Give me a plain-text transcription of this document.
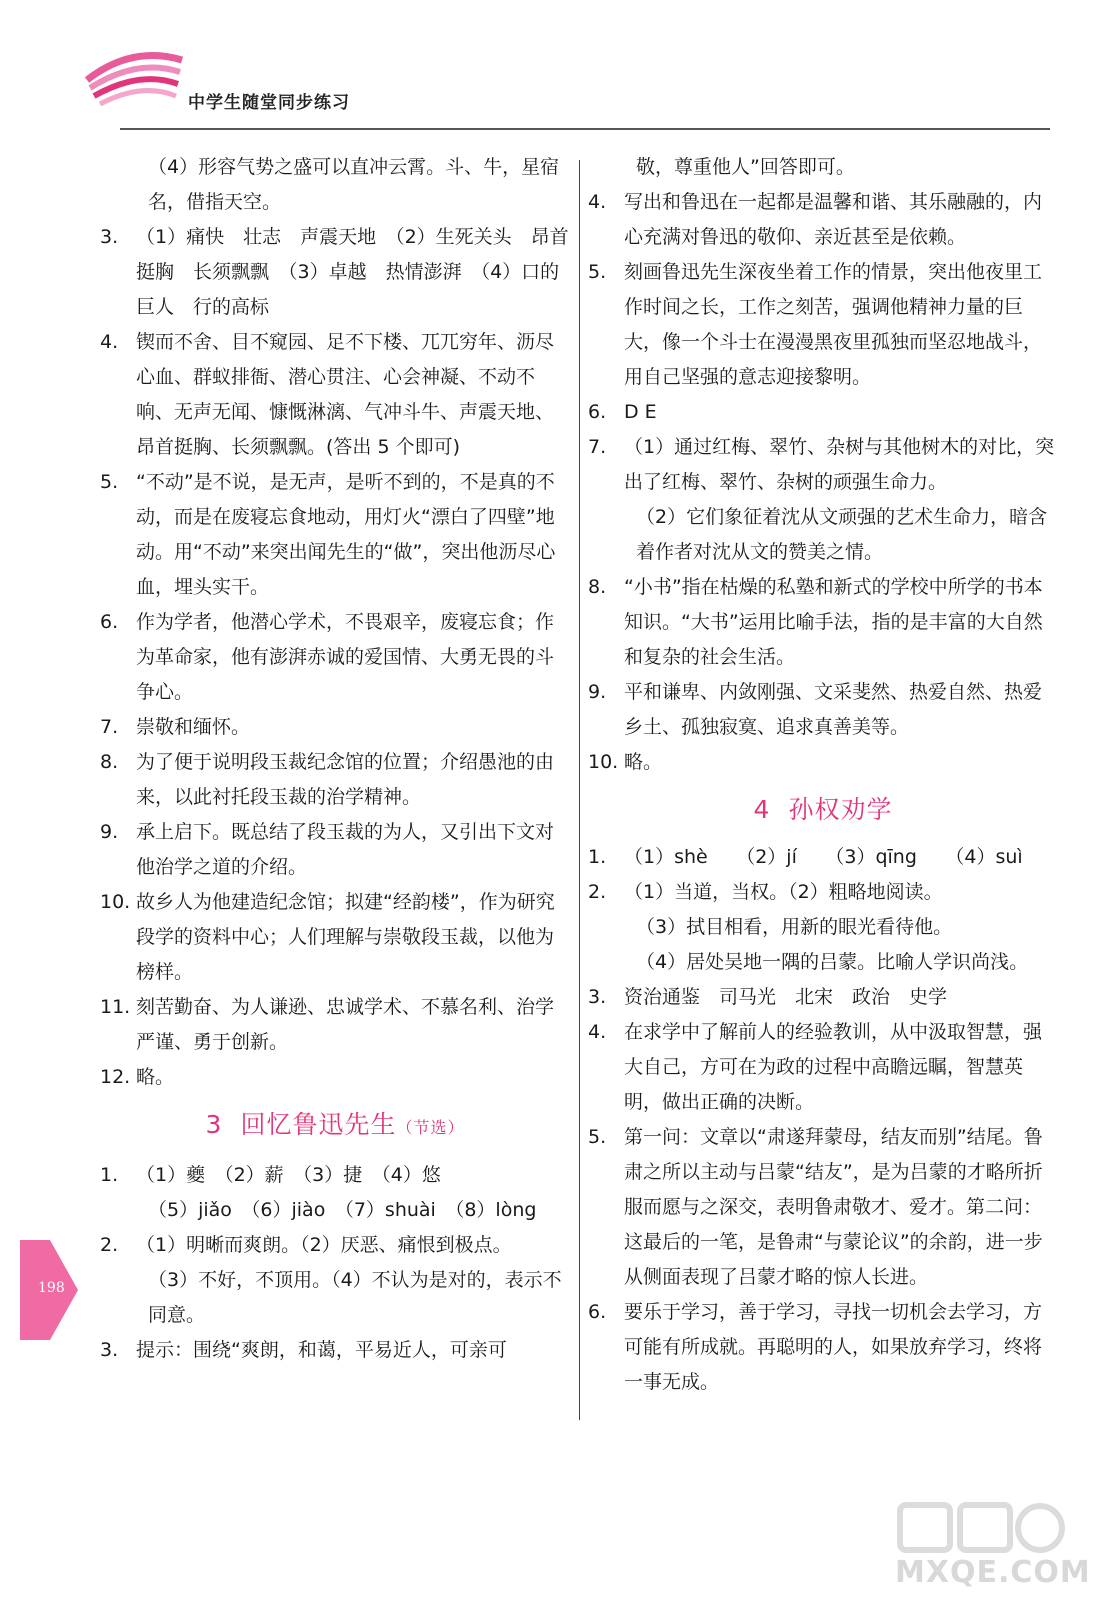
中学生随堂同步练习
（4）形容气势之盛可以直冲云霄。斗、牛，星宿名，借指天空。
3. （1）痛快　壮志　声震天地　（2）生死关头　昂首挺胸　长须飘飘　（3）卓越　热情澎湃　（4）口的巨人　行的高标
4. 锲而不舍、目不窥园、足不下楼、兀兀穷年、沥尽心血、群蚁排衙、潜心贯注、心会神凝、不动不响、无声无闻、慷慨淋漓、气冲斗牛、声震天地、昂首挺胸、长须飘飘。(答出 5 个即可)
5. “不动”是不说，是无声，是听不到的，不是真的不动，而是在废寝忘食地动，用灯火“漂白了四壁”地动。用“不动”来突出闻先生的“做”，突出他沥尽心血，埋头实干。
6. 作为学者，他潜心学术，不畏艰辛，废寝忘食；作为革命家，他有澎湃赤诚的爱国情、大勇无畏的斗争心。
7. 崇敬和缅怀。
8. 为了便于说明段玉裁纪念馆的位置；介绍愚池的由来，以此衬托段玉裁的治学精神。
9. 承上启下。既总结了段玉裁的为人，又引出下文对他治学之道的介绍。
10. 故乡人为他建造纪念馆；拟建“经韵楼”，作为研究段学的资料中心；人们理解与崇敬段玉裁，以他为榜样。
11. 刻苦勤奋、为人谦逊、忠诚学术、不慕名利、治学严谨、勇于创新。
12. 略。
3 回忆鲁迅先生（节选）
1. （1）夔　（2）薪　（3）捷　（4）悠
（5）jiǎo　（6）jiào　（7）shuài　（8）lòng
2. （1）明晰而爽朗。（2）厌恶、痛恨到极点。
（3）不好，不顶用。（4）不认为是对的，表示不同意。
3. 提示：围绕“爽朗，和蔼，平易近人，可亲可
敬，尊重他人”回答即可。
4. 写出和鲁迅在一起都是温馨和谐、其乐融融的，内心充满对鲁迅的敬仰、亲近甚至是依赖。
5. 刻画鲁迅先生深夜坐着工作的情景，突出他夜里工作时间之长，工作之刻苦，强调他精神力量的巨大，像一个斗士在漫漫黑夜里孤独而坚忍地战斗，用自己坚强的意志迎接黎明。
6. D E
7. （1）通过红梅、翠竹、杂树与其他树木的对比，突出了红梅、翠竹、杂树的顽强生命力。
（2）它们象征着沈从文顽强的艺术生命力，暗含着作者对沈从文的赞美之情。
8. “小书”指在枯燥的私塾和新式的学校中所学的书本知识。“大书”运用比喻手法，指的是丰富的大自然和复杂的社会生活。
9. 平和谦卑、内敛刚强、文采斐然、热爱自然、热爱乡土、孤独寂寞、追求真善美等。
10. 略。
4 孙权劝学
1. （1）shè　　（2）jí　　（3）qīng　　（4）suì
2. （1）当道，当权。（2）粗略地阅读。
（3）拭目相看，用新的眼光看待他。
（4）居处吴地一隅的吕蒙。比喻人学识尚浅。
3. 资治通鉴　司马光　北宋　政治　史学
4. 在求学中了解前人的经验教训，从中汲取智慧，强大自己，方可在为政的过程中高瞻远瞩，智慧英明，做出正确的决断。
5. 第一问：文章以“肃遂拜蒙母，结友而别”结尾。鲁肃之所以主动与吕蒙“结友”，是为吕蒙的才略所折服而愿与之深交，表明鲁肃敬才、爱才。第二问：这最后的一笔，是鲁肃“与蒙论议”的余韵，进一步从侧面表现了吕蒙才略的惊人长进。
6. 要乐于学习，善于学习，寻找一切机会去学习，方可能有所成就。再聪明的人，如果放弃学习，终将一事无成。
198
MXQE.COM
